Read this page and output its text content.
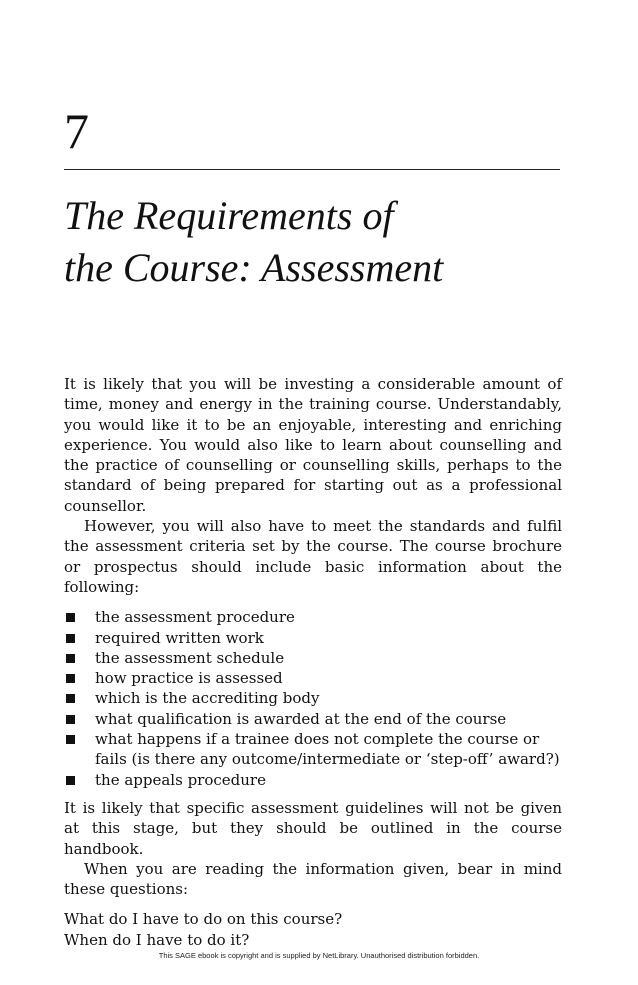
7
The Requirements of
the Course: Assessment

It is likely that you will be investing a considerable amount of time, money and energy in the training course. Understandably, you would like it to be an enjoyable, interesting and enriching experience. You would also like to learn about counselling and the practice of counselling or counselling skills, perhaps to the standard of being prepared for starting out as a professional counsellor.

However, you will also have to meet the standards and fulfil the assessment criteria set by the course. The course brochure or prospectus should include basic information about the following:

the assessment procedure
required written work
the assessment schedule
how practice is assessed
which is the accrediting body
what qualification is awarded at the end of the course
what happens if a trainee does not complete the course or fails (is there any outcome/intermediate or ‘step-off’ award?)
the appeals procedure

It is likely that specific assessment guidelines will not be given at this stage, but they should be outlined in the course handbook.

When you are reading the information given, bear in mind these questions:

What do I have to do on this course?

When do I have to do it?

This SAGE ebook is copyright and is supplied by NetLibrary. Unauthorised distribution forbidden.
